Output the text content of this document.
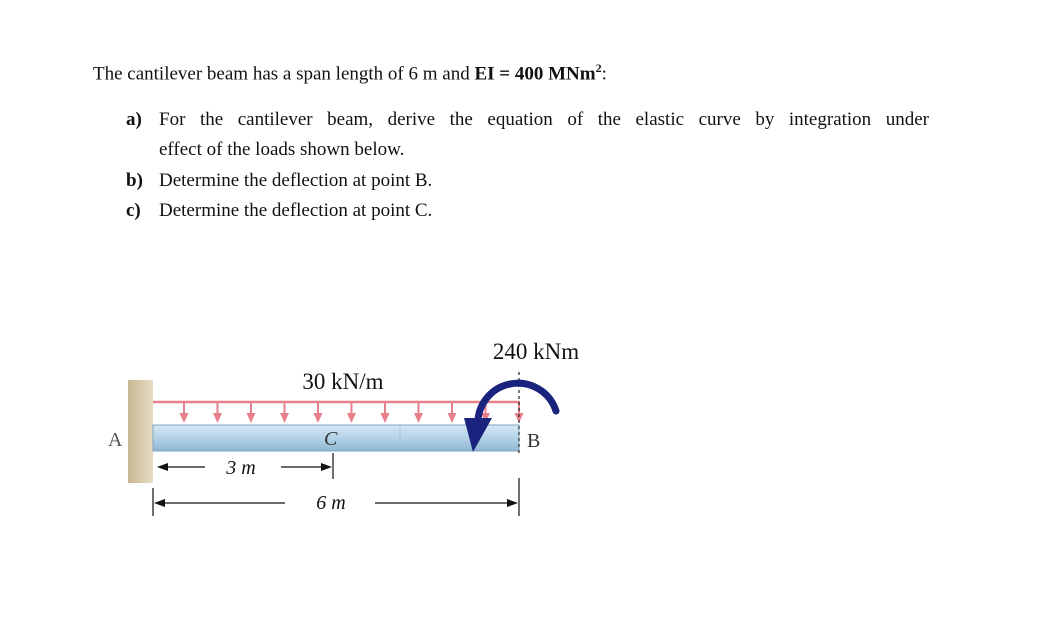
The cantilever beam has a span length of 6 m and EI = 400 MNm$^2$:
a) For the cantilever beam, derive the equation of the elastic curve by integration under
effect of the loads shown below.
b) Determine the deflection at point B.
c) Determine the deflection at point C.
30 kN/m
240 kNm
A	B
C
3 m
6 m
